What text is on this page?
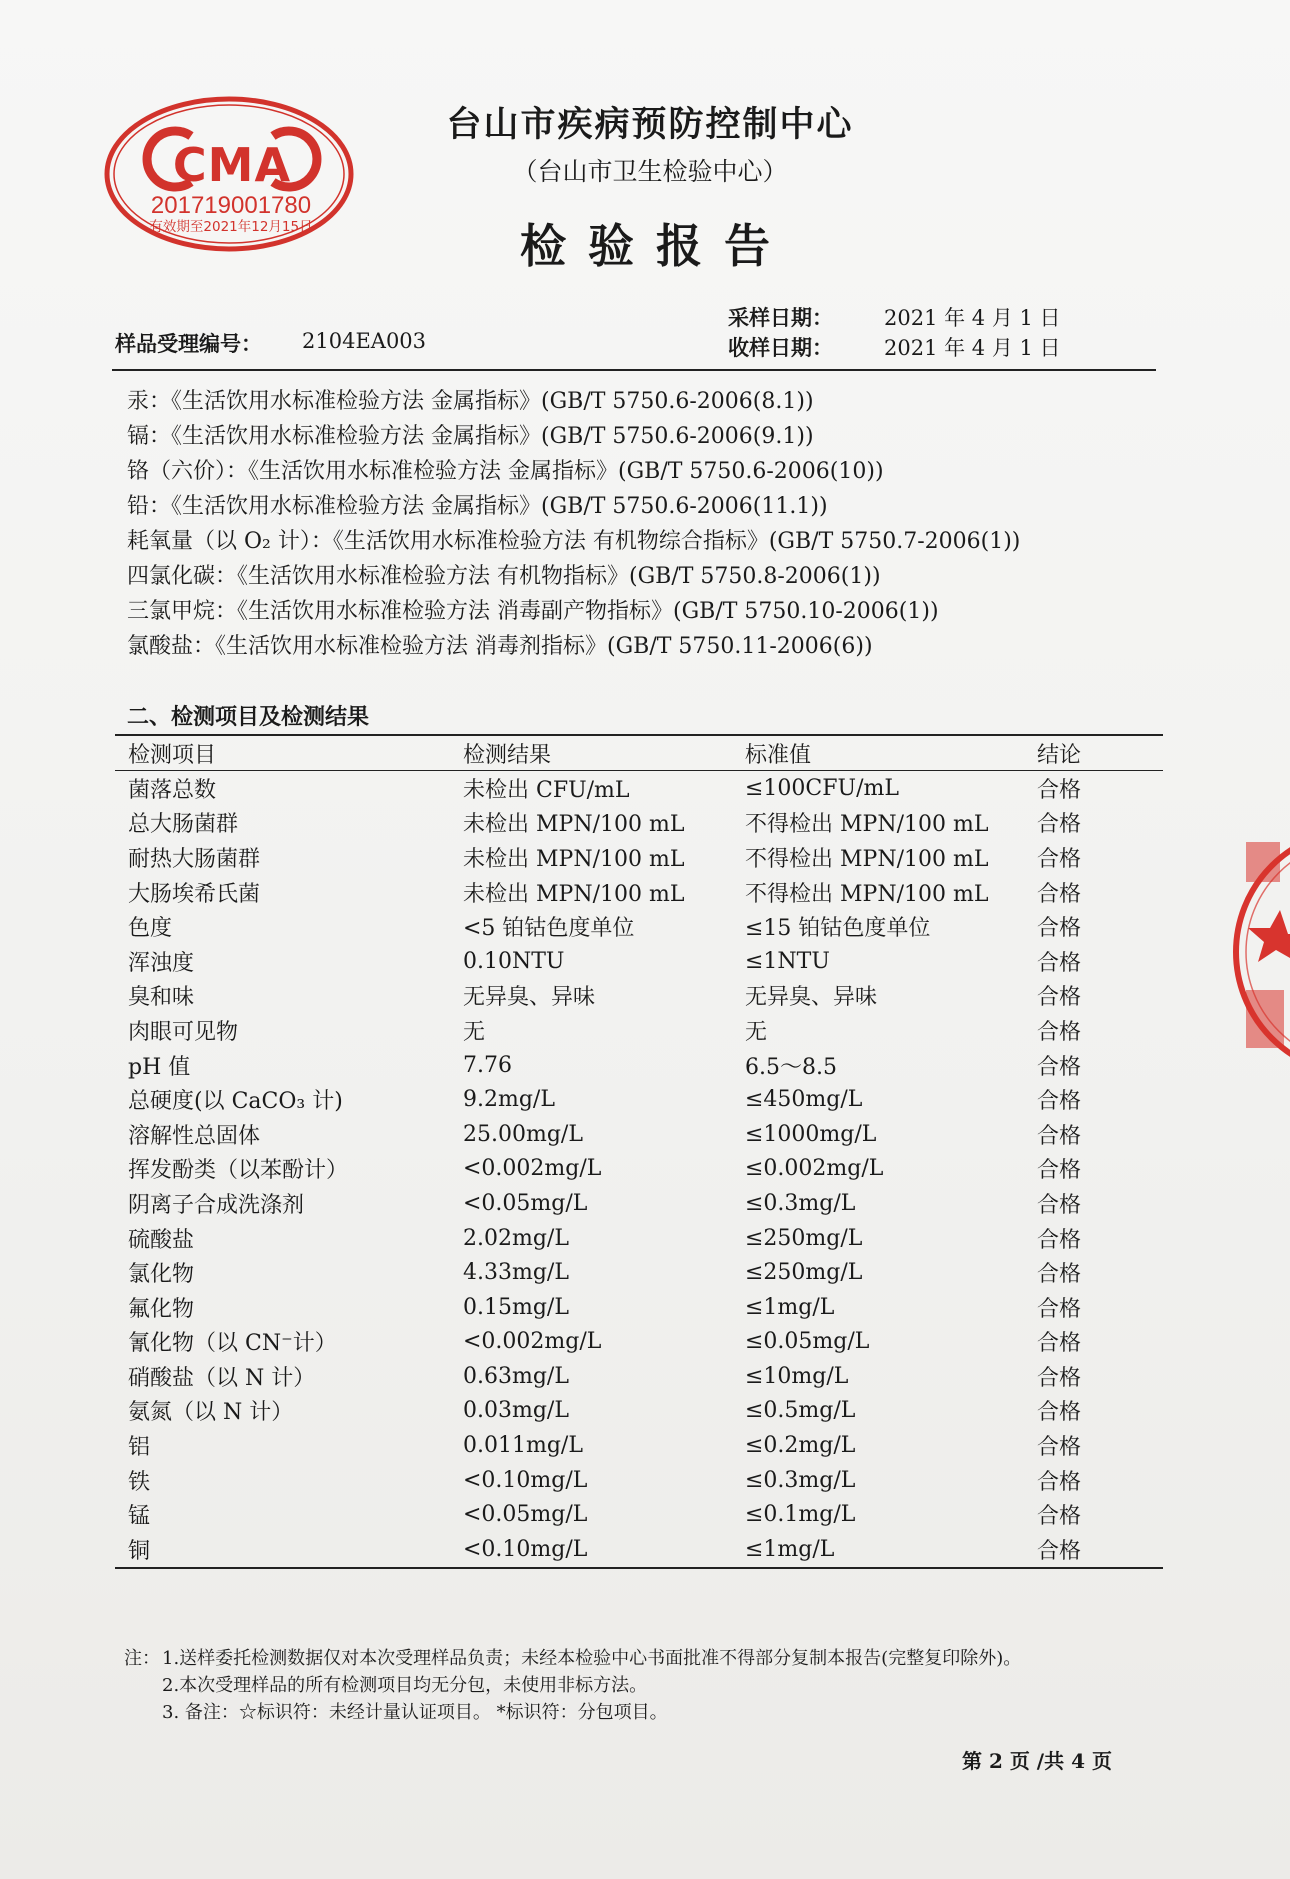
CMA
201719001780
有效期至2021年12月15日
台山市疾病预防控制中心
（台山市卫生检验中心）
检验报告
采样日期： 2021 年 4 月 1 日
收样日期： 2021 年 4 月 1 日
样品受理编号： 2104EA003
汞：《生活饮用水标准检验方法 金属指标》(GB/T 5750.6-2006(8.1))
镉：《生活饮用水标准检验方法 金属指标》(GB/T 5750.6-2006(9.1))
铬（六价）：《生活饮用水标准检验方法 金属指标》(GB/T 5750.6-2006(10))
铅：《生活饮用水标准检验方法 金属指标》(GB/T 5750.6-2006(11.1))
耗氧量（以 O₂ 计）：《生活饮用水标准检验方法 有机物综合指标》(GB/T 5750.7-2006(1))
四氯化碳：《生活饮用水标准检验方法 有机物指标》(GB/T 5750.8-2006(1))
三氯甲烷：《生活饮用水标准检验方法 消毒副产物指标》(GB/T 5750.10-2006(1))
氯酸盐：《生活饮用水标准检验方法 消毒剂指标》(GB/T 5750.11-2006(6))
二、检测项目及检测结果
检测项目	检测结果	标准值	结论
菌落总数	未检出 CFU/mL	≤100CFU/mL	合格
总大肠菌群	未检出 MPN/100 mL	不得检出 MPN/100 mL	合格
耐热大肠菌群	未检出 MPN/100 mL	不得检出 MPN/100 mL	合格
大肠埃希氏菌	未检出 MPN/100 mL	不得检出 MPN/100 mL	合格
色度	<5 铂钴色度单位	≤15 铂钴色度单位	合格
浑浊度	0.10NTU	≤1NTU	合格
臭和味	无异臭、异味	无异臭、异味	合格
肉眼可见物	无	无	合格
pH 值	7.76	6.5～8.5	合格
总硬度(以 CaCO₃ 计)	9.2mg/L	≤450mg/L	合格
溶解性总固体	25.00mg/L	≤1000mg/L	合格
挥发酚类（以苯酚计）	<0.002mg/L	≤0.002mg/L	合格
阴离子合成洗涤剂	<0.05mg/L	≤0.3mg/L	合格
硫酸盐	2.02mg/L	≤250mg/L	合格
氯化物	4.33mg/L	≤250mg/L	合格
氟化物	0.15mg/L	≤1mg/L	合格
氰化物（以 CN⁻计）	<0.002mg/L	≤0.05mg/L	合格
硝酸盐（以 N 计）	0.63mg/L	≤10mg/L	合格
氨氮（以 N 计）	0.03mg/L	≤0.5mg/L	合格
铝	0.011mg/L	≤0.2mg/L	合格
铁	<0.10mg/L	≤0.3mg/L	合格
锰	<0.05mg/L	≤0.1mg/L	合格
铜	<0.10mg/L	≤1mg/L	合格
注： 1.送样委托检测数据仅对本次受理样品负责；未经本检验中心书面批准不得部分复制本报告(完整复印除外)。
2.本次受理样品的所有检测项目均无分包，未使用非标方法。
3. 备注：☆标识符：未经计量认证项目。 *标识符：分包项目。
第 2 页 /共 4 页
